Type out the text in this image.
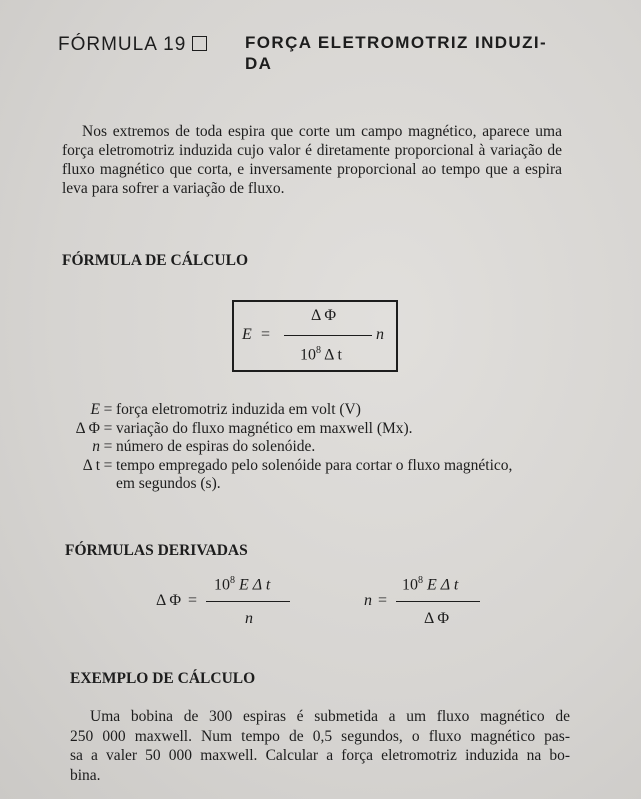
FÓRMULA 19	FORÇA ELETROMOTRIZ INDUZI-
DA
Nos extremos de toda espira que corte um campo magnético, aparece uma força eletromotriz induzida cujo valor é diretamente proporcional à variação de fluxo magnético que corta, e inversamente proporcional ao tempo que a espira leva para sofrer a variação de fluxo.
FÓRMULA DE CÁLCULO
E =
Δ Φ
$10^8$ Δ t
n
E = força eletromotriz induzida em volt (V)
Δ Φ = variação do fluxo magnético em maxwell (Mx).
n = número de espiras do solenóide.
Δ t = tempo empregado pelo solenóide para cortar o fluxo magnético,
em segundos (s).
FÓRMULAS DERIVADAS
Δ Φ =
$10^8$ E Δ t
n
n =
$10^8$ E Δ t
Δ Φ
EXEMPLO DE CÁLCULO
Uma bobina de 300 espiras é submetida a um fluxo magnético de
250 000 maxwell. Num tempo de 0,5 segundos, o fluxo magnético pas-
sa a valer 50 000 maxwell. Calcular a força eletromotriz induzida na bo-
bina.
